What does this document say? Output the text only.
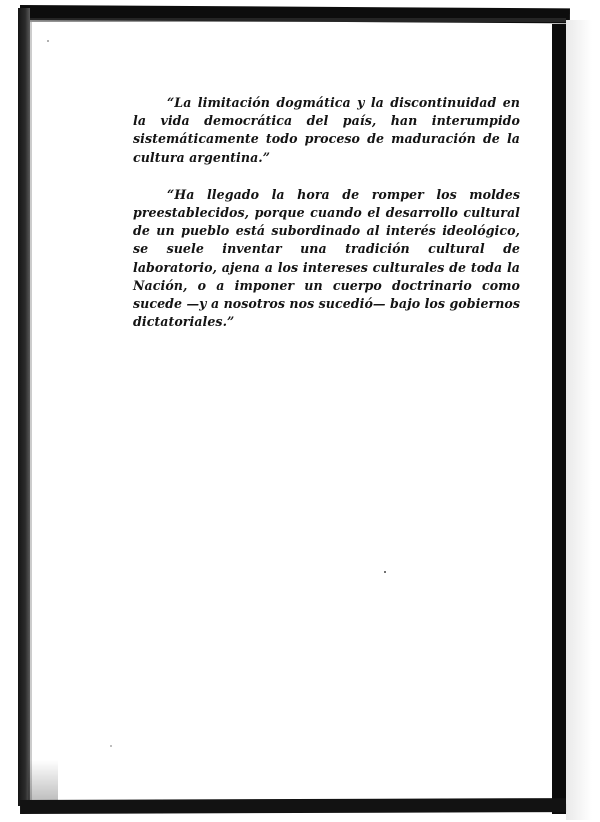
“La limitación dogmática y la discontinuidad en la vida democrática del país, han interumpido sistemáticamente todo proceso de maduración de la cultura argentina.”

“Ha llegado la hora de romper los moldes preestablecidos, porque cuando el desarrollo cultural de un pueblo está subordinado al interés ideológico, se suele inventar una tradición cultural de laboratorio, ajena a los intereses culturales de toda la Nación, o a imponer un cuerpo doctrinario como sucede —y a nosotros nos sucedió— bajo los gobiernos dictatoriales.”
